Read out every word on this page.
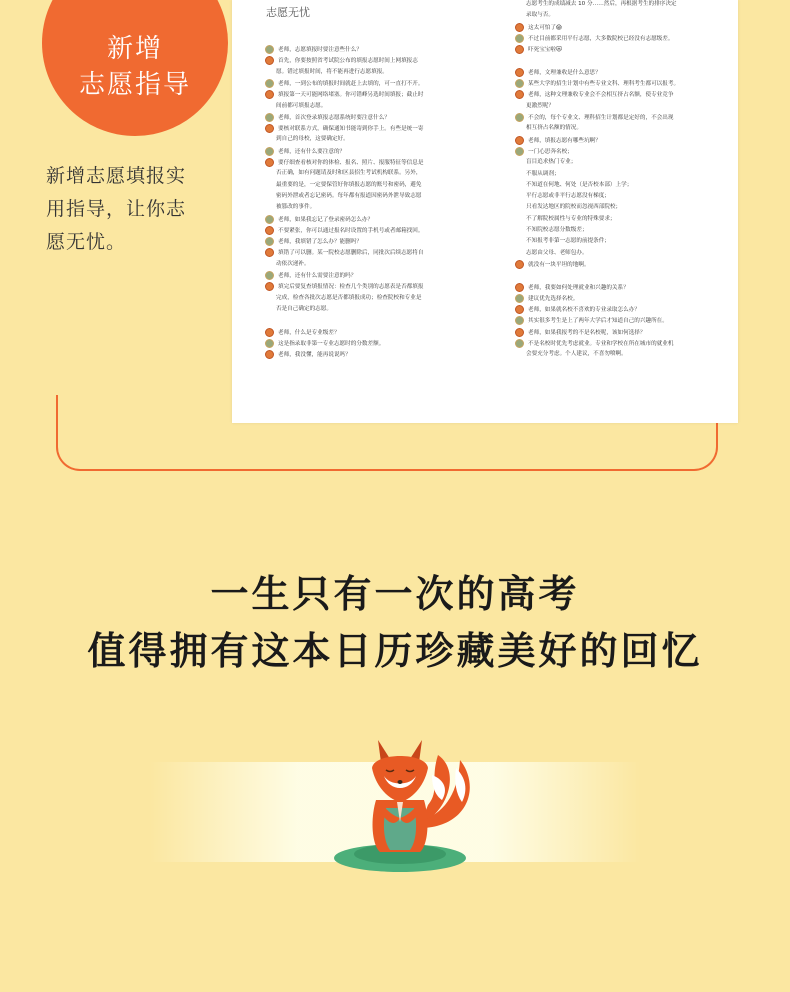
志愿无忧
老师，志愿填报时要注意些什么？
首先，你要按照省考试院公布的填报志愿时间上网填报志
愿。错过填报时间，将不能再进行志愿填报。
老师，一到公布的填报时间就赶上去填的，可一直打不开。
填报第一天可能网络堵塞。你可错峰另选时间填报；截止时
间前都可填报志愿。
老师，首次登录填报志愿系统时要注意什么？
要核对联系方式，确保通知书能寄到你手上。有些是统一寄
到自己的母校，这要确定好。
老师，还有什么要注意的？
要仔细查看核对你的体检、报名、照片、报服特征等信息是
否正确，如有问题请及时和区县招生考试机构联系。另外，
最重要的是，一定要保管好你填报志愿的账号和密码，避免
密码外泄或者忘记密码。每年都有报道因密码外泄导致志愿
被篡改的事件。
老师，如果我忘记了登录密码怎么办？
不要紧张，你可以通过报名时设置的手机号或者邮箱找回。
老师，我填错了怎么办？能删吗？
填错了可以删。某一院校志愿删除后，同批次后续志愿将自
动依次递补。
老师，还有什么需要注意的吗？
填完后要复查填报情况：检查几个类别的志愿表是否都填报
完成，检查各批次志愿是否都填报成功；检查院校和专业是
否是自己确定的志愿。
老师，什么是专业级差？
这是指录取非第一专业志愿时的分数差额。
老师，我没懂，能再说说吗？
志愿考生的成绩减去 10 分……然后，再根据考生的排序决定
录取与否。
这太可怕了😱
不过目前都采用平行志愿，大多数院校已经没有志愿级差。
吓死宝宝啦😻
老师，文理兼收是什么意思？
某些大学的招生计划中有些专业文科、理科考生都可以报考。
老师，这种文理兼收专业会不会相互挤占名额，使专业竞争
更激烈呢？
不会的，每个专业文、理科招生计划都是定好的，不会出现
相互挤占名额的情况。
老师，填报志愿有哪些坑啊？
一门心思奔名校；
盲目追求热门专业；
不服从调剂；
不知道在何地、何处（是否校本部）上学；
平行志愿或非平行志愿没有梯度；
只看发达地区的院校而忽视西部院校；
不了解院校属性与专业的特殊要求；
不知院校志愿分数级差；
不知报考非第一志愿的前提条件；
志愿由父母、老师包办。
就没有一块平坦的地啊。
老师，我要如何处理就业和兴趣的关系？
建议优先选择名校。
老师，如果就名校不喜欢的专业录取怎么办？
其实很多考生是上了两年大学后才知道自己的兴趣所在。
老师，如果我报考的不是名校呢，该如何选择？
不是名校时优先考虑就业。专业和学校在所在城市的就业机
会要充分考虑。个人建议，不喜勿喷啊。
新增
志愿指导
新增志愿填报实
用指导，让你志
愿无忧。
一生只有一次的高考
值得拥有这本日历珍藏美好的回忆
